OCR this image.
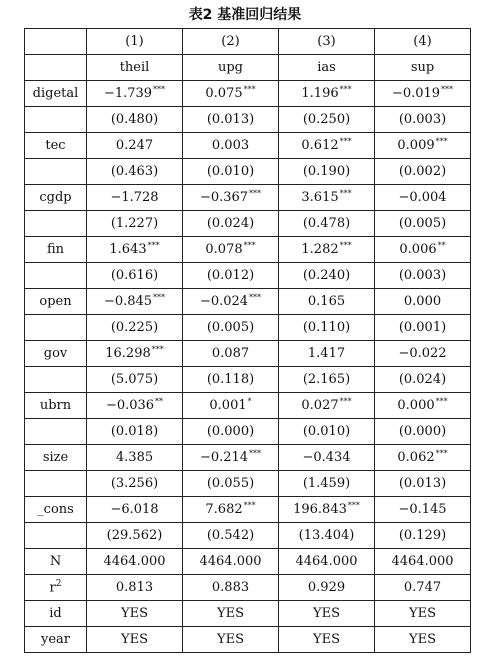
表2 基准回归结果
	(1)	(2)	(3)	(4)
	theil	upg	ias	sup
digetal	−1.739***	0.075***	1.196***	−0.019***
	(0.480)	(0.013)	(0.250)	(0.003)
tec	0.247	0.003	0.612***	0.009***
	(0.463)	(0.010)	(0.190)	(0.002)
cgdp	−1.728	−0.367***	3.615***	−0.004
	(1.227)	(0.024)	(0.478)	(0.005)
fin	1.643***	0.078***	1.282***	0.006**
	(0.616)	(0.012)	(0.240)	(0.003)
open	−0.845***	−0.024***	0.165	0.000
	(0.225)	(0.005)	(0.110)	(0.001)
gov	16.298***	0.087	1.417	−0.022
	(5.075)	(0.118)	(2.165)	(0.024)
ubrn	−0.036**	0.001*	0.027***	0.000***
	(0.018)	(0.000)	(0.010)	(0.000)
size	4.385	−0.214***	−0.434	0.062***
	(3.256)	(0.055)	(1.459)	(0.013)
_cons	−6.018	7.682***	196.843***	−0.145
	(29.562)	(0.542)	(13.404)	(0.129)
N	4464.000	4464.000	4464.000	4464.000
$r^2$	0.813	0.883	0.929	0.747
id	YES	YES	YES	YES
year	YES	YES	YES	YES
